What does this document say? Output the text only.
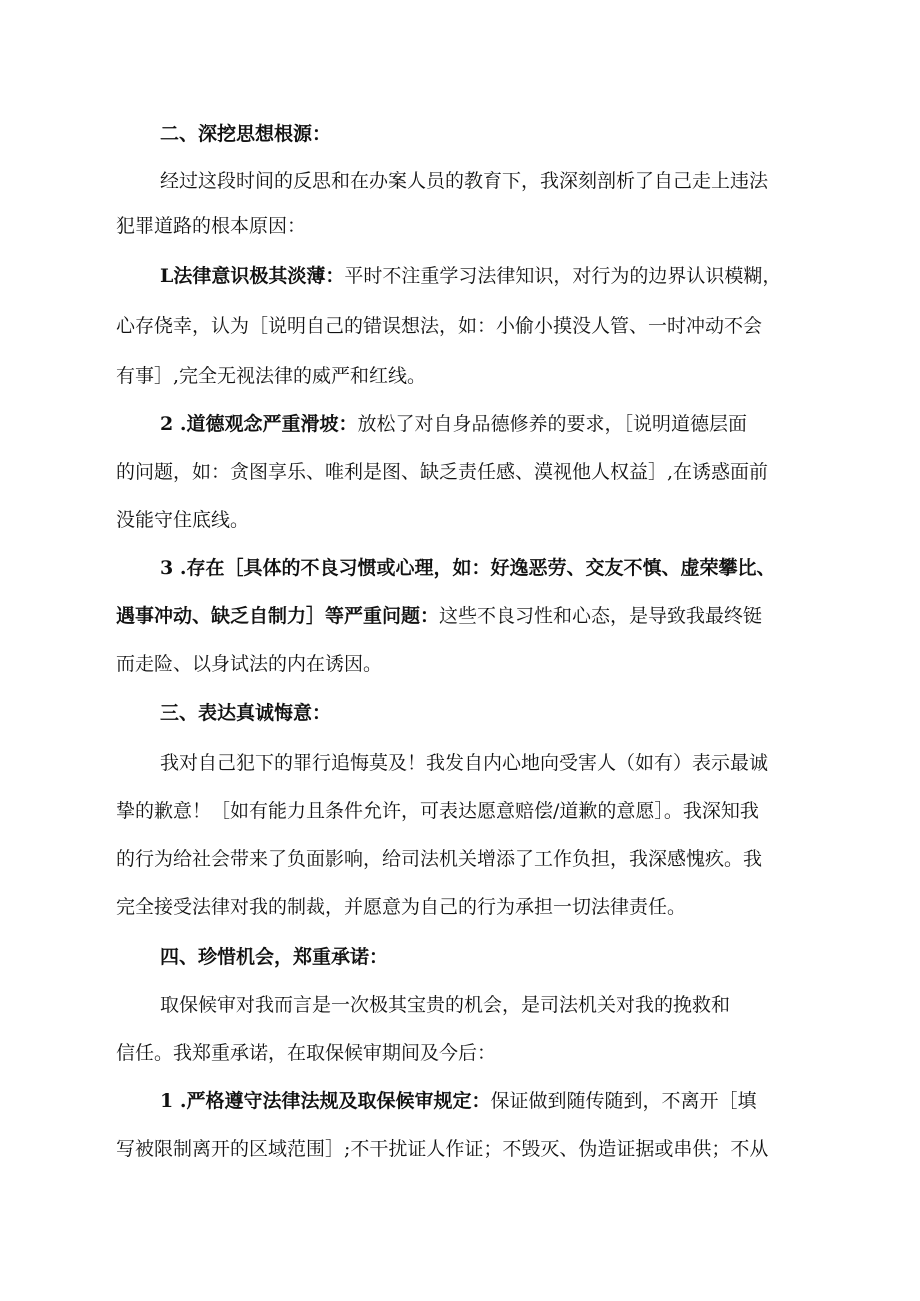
二、深挖思想根源：
经过这段时间的反思和在办案人员的教育下，我深刻剖析了自己走上违法
犯罪道路的根本原因：
L法律意识极其淡薄：平时不注重学习法律知识，对行为的边界认识模糊，
心存侥幸，认为［说明自己的错误想法，如：小偷小摸没人管、一时冲动不会
有事］,完全无视法律的威严和红线。
2 .道德观念严重滑坡：放松了对自身品德修养的要求，［说明道德层面
的问题，如：贪图享乐、唯利是图、缺乏责任感、漠视他人权益］,在诱惑面前
没能守住底线。
3 .存在［具体的不良习惯或心理，如：好逸恶劳、交友不慎、虚荣攀比、
遇事冲动、缺乏自制力］等严重问题：这些不良习性和心态，是导致我最终铤
而走险、以身试法的内在诱因。
三、表达真诚悔意：
我对自己犯下的罪行追悔莫及！我发自内心地向受害人（如有）表示最诚
挚的歉意！［如有能力且条件允许，可表达愿意赔偿/道歉的意愿］。我深知我
的行为给社会带来了负面影响，给司法机关增添了工作负担，我深感愧疚。我
完全接受法律对我的制裁，并愿意为自己的行为承担一切法律责任。
四、珍惜机会，郑重承诺：
取保候审对我而言是一次极其宝贵的机会，是司法机关对我的挽救和
信任。我郑重承诺，在取保候审期间及今后：
1 .严格遵守法律法规及取保候审规定：保证做到随传随到，不离开［填
写被限制离开的区域范围］;不干扰证人作证；不毁灭、伪造证据或串供；不从
